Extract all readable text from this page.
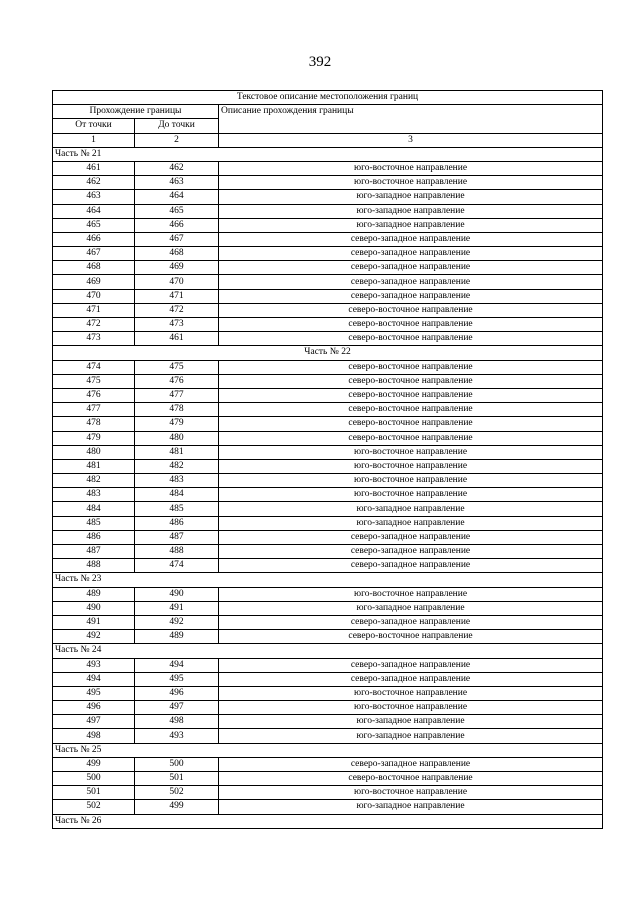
392
Текстовое описание местоположения границ		
Прохождение границы		Описание прохождения границы
От точки	До точки	
1	2	3
Часть № 21		
461	462	юго-восточное направление
462	463	юго-восточное направление
463	464	юго-западное направление
464	465	юго-западное направление
465	466	юго-западное направление
466	467	северо-западное направление
467	468	северо-западное направление
468	469	северо-западное направление
469	470	северо-западное направление
470	471	северо-западное направление
471	472	северо-восточное направление
472	473	северо-восточное направление
473	461	северо-восточное направление
Часть № 22		
474	475	северо-восточное направление
475	476	северо-восточное направление
476	477	северо-восточное направление
477	478	северо-восточное направление
478	479	северо-восточное направление
479	480	северо-восточное направление
480	481	юго-восточное направление
481	482	юго-восточное направление
482	483	юго-восточное направление
483	484	юго-восточное направление
484	485	юго-западное направление
485	486	юго-западное направление
486	487	северо-западное направление
487	488	северо-западное направление
488	474	северо-западное направление
Часть № 23		
489	490	юго-восточное направление
490	491	юго-западное направление
491	492	северо-западное направление
492	489	северо-восточное направление
Часть № 24		
493	494	северо-западное направление
494	495	северо-западное направление
495	496	юго-восточное направление
496	497	юго-восточное направление
497	498	юго-западное направление
498	493	юго-западное направление
Часть № 25		
499	500	северо-западное направление
500	501	северо-восточное направление
501	502	юго-восточное направление
502	499	юго-западное направление
Часть № 26		
